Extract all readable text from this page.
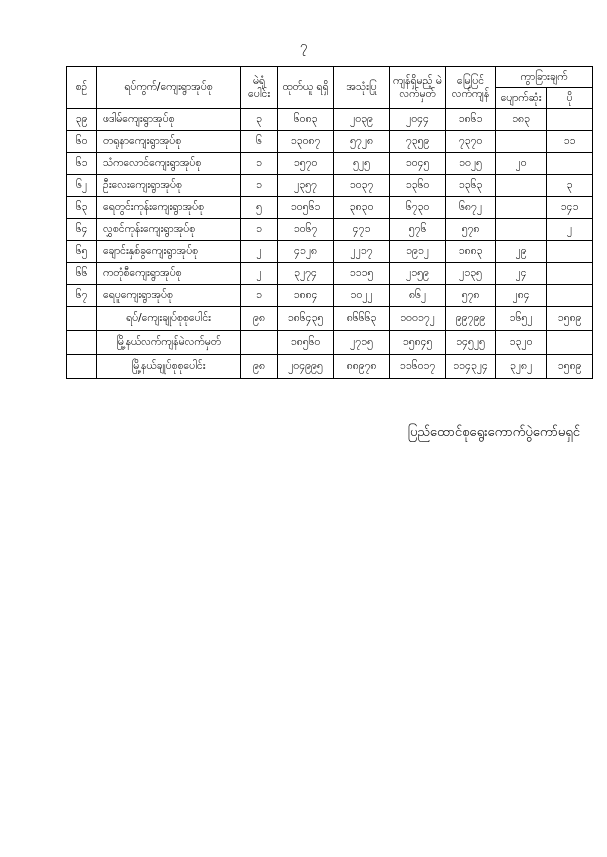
၇
စဉ်	ရပ်ကွက်/ကျေးရွာအုပ်စု	မဲရုံ ပေါင်း	ထုတ်ယူ ရရှိ	အသုံးပြု	ကျန်ရှိမည့် မဲလက်မှတ်	မြေပြင် လက်ကျန်	ကွာခြားချက်	
							ပျောက်ဆုံး	ပို
၃၉	ဖဒါမ်ကျေးရွာအုပ်စု	၃	၆၀၈၃	၂၀၃၉	၂၀၄၄	၁၈၆၁	၁၈၃	
၆၀	တရုနာကျေးရွာအုပ်စု	၆	၁၃၀၈၇	၅၇၂၈	၇၃၅၉	၇၃၇၀		၁၁
၆၁	သံကလောင်ကျေးရွာအုပ်စု	၁	၁၅၇၀	၅၂၅	၁၀၄၅	၁၀၂၅	၂၀	
၆၂	ဦးလေးကျေးရွာအုပ်စု	၁	၂၃၅၇	၁၀၃၇	၁၃၆၀	၁၃၆၃		၃
၆၃	ရေတွင်းကုန်းကျေးရွာအုပ်စု	၅	၁၀၅၆၁	၃၈၃၀	၆၇၃၀	၆၈၇၂		၁၄၁
၆၄	လွှစင်ကုန်းကျေးရွာအုပ်စု	၁	၁၀၆၇	၄၇၁	၅၇၆	၅၇၈		၂
၆၅	ချောင်းနှစ်ခွကျေးရွာအုပ်စု	၂	၄၁၂၈	၂၂၁၇	၁၉၁၂	၁၈၈၃	၂၉	
၆၆	ကတုံစီကျေးရွာအုပ်စု	၂	၃၂၇၄	၁၁၁၅	၂၁၅၉	၂၁၃၅	၂၄	
၆၇	ရေပူကျေးရွာအုပ်စု	၁	၁၈၈၄	၁၀၂၂	၈၆၂	၅၇၈	၂၈၄	
	ရပ်/ကျေးချုပ်စုစုပေါင်း	၉၈	၁၈၆၄၃၅	၈၆၆၆၃	၁၀၀၁၇၂	၉၉၇၉၉	၁၆၅၂	၁၅၈၉
	မြို့နယ်လက်ကျန်မဲလက်မှတ်		၁၈၅၆၀	၂၇၁၅	၁၅၈၄၅	၁၄၅၂၅	၁၃၂၀	
	မြို့နယ်ချုပ်စုစုပေါင်း	၉၈	၂၀၄၉၉၅	၈၈၉၇၈	၁၁၆၀၁၇	၁၁၄၃၂၄	၃၂၈၂	၁၅၈၉
ပြည်ထောင်စုရွေးကောက်ပွဲကော်မရှင်
